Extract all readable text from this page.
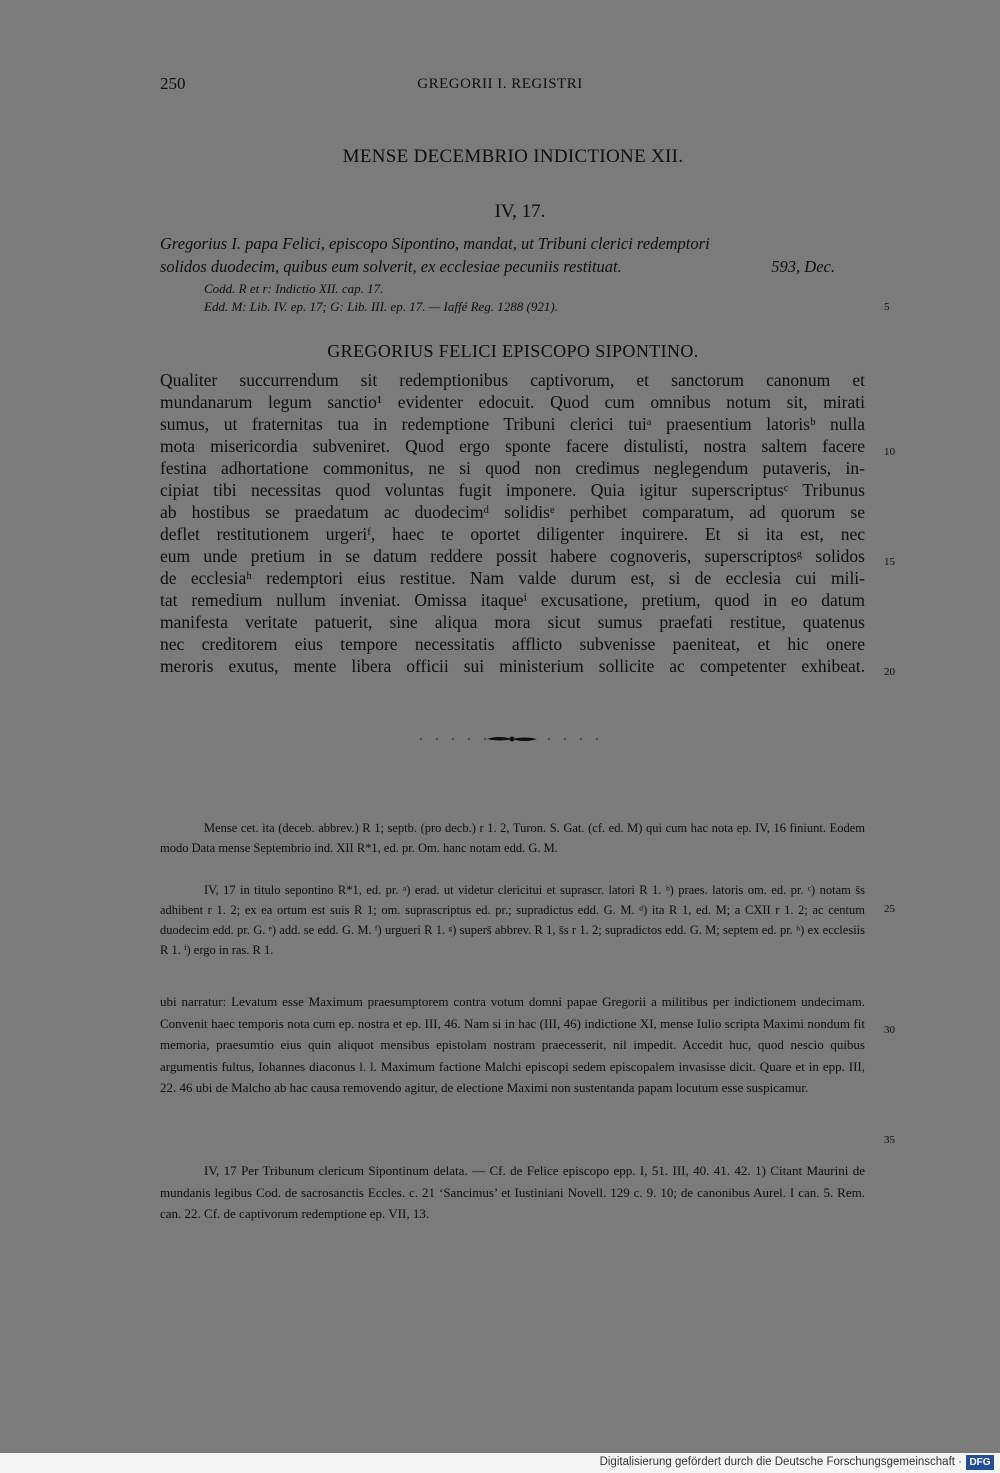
250	GREGORII I. REGISTRI
MENSE DECEMBRIO INDICTIONE XII.
IV, 17.
Gregorius I. papa Felici, episcopo Sipontino, mandat, ut Tribuni clerici redemptori
solidos duodecim, quibus eum solverit, ex ecclesiae pecuniis restituat.	593, Dec.
Codd. R et r: Indictio XII. cap. 17.
Edd. M: Lib. IV. ep. 17; G: Lib. III. ep. 17. — Iaffé Reg. 1288 (921).	5
GREGORIUS FELICI EPISCOPO SIPONTINO.
Qualiter succurrendum sit redemptionibus captivorum, et sanctorum canonum et
mundanarum legum sanctio¹ evidenter edocuit. Quod cum omnibus notum sit, mirati
sumus, ut fraternitas tua in redemptione Tribuni clerici tuiᵃ praesentium latorisᵇ nulla
mota misericordia subveniret. Quod ergo sponte facere distulisti, nostra saltem facere
festina adhortatione commonitus, ne si quod non credimus neglegendum putaveris, in-
cipiat tibi necessitas quod voluntas fugit imponere. Quia igitur superscriptusᶜ Tribunus
ab hostibus se praedatum ac duodecimᵈ solidisᵉ perhibet comparatum, ad quorum se
deflet restitutionem urgeriᶠ, haec te oportet diligenter inquirere. Et si ita est, nec
eum unde pretium in se datum reddere possit habere cognoveris, superscriptosᵍ solidos
de ecclesiaʰ redemptori eius restitue. Nam valde durum est, si de ecclesia cui mili-
tat remedium nullum inveniat. Omissa itaqueⁱ excusatione, pretium, quod in eo datum
manifesta veritate patuerit, sine aliqua mora sicut sumus praefati restitue, quatenus
nec creditorem eius tempore necessitatis afflicto subvenisse paeniteat, et hic onere
meroris exutus, mente libera officii sui ministerium sollicite ac competenter exhibeat.
10
15
20
Mense cet. ita (deceb. abbrev.) R 1; septb. (pro decb.) r 1. 2, Turon. S. Gat. (cf. ed. M) qui cum hac nota ep. IV, 16 finiunt. Eodem modo Data mense Septembrio ind. XII R*1, ed. pr. Om. hanc notam edd. G. M.
IV, 17 in titulo sepontino R*1, ed. pr. ᵃ) erad. ut videtur clericitui et suprascr. latori R 1. ᵇ) praes. latoris om. ed. pr. ᶜ) notam s̄s adhibent r 1. 2; ex ea ortum est suis R 1; om. suprascriptus ed. pr.; supradictus edd. G. M. ᵈ) ita R 1, ed. M; a CXII r 1. 2; ac centum duodecim edd. pr. G. ᵉ) add. se edd. G. M. ᶠ) urgueri R 1. ᵍ) supers̄ abbrev. R 1, s̄s r 1. 2; supradictos edd. G. M; septem ed. pr. ʰ) ex ecclesiis R 1. ⁱ) ergo in ras. R 1.
25
ubi narratur: Levatum esse Maximum praesumptorem contra votum domni papae Gregorii a militibus per indictionem undecimam. Convenit haec temporis nota cum ep. nostra et ep. III, 46. Nam si in hac (III, 46) indictione XI, mense Iulio scripta Maximi nondum fit memoria, praesumtio eius quin aliquot mensibus epistolam nostram praecesserit, nil impedit. Accedit huc, quod nescio quibus argumentis fultus, Iohannes diaconus l. l. Maximum factione Malchi episcopi sedem episcopalem invasisse dicit. Quare et in epp. III, 22. 46 ubi de Malcho ab hac causa removendo agitur, de electione Maximi non sustentanda papam locutum esse suspicamur.
30
35
IV, 17 Per Tribunum clericum Sipontinum delata. — Cf. de Felice episcopo epp. I, 51. III, 40. 41. 42. 1) Citant Maurini de mundanis legibus Cod. de sacrosanctis Eccles. c. 21 ‘Sancimus’ et Iustiniani Novell. 129 c. 9. 10; de canonibus Aurel. I can. 5. Rem. can. 22. Cf. de captivorum redemptione ep. VII, 13.
Digitalisierung gefördert durch die Deutsche Forschungsgemeinschaft · DFG
